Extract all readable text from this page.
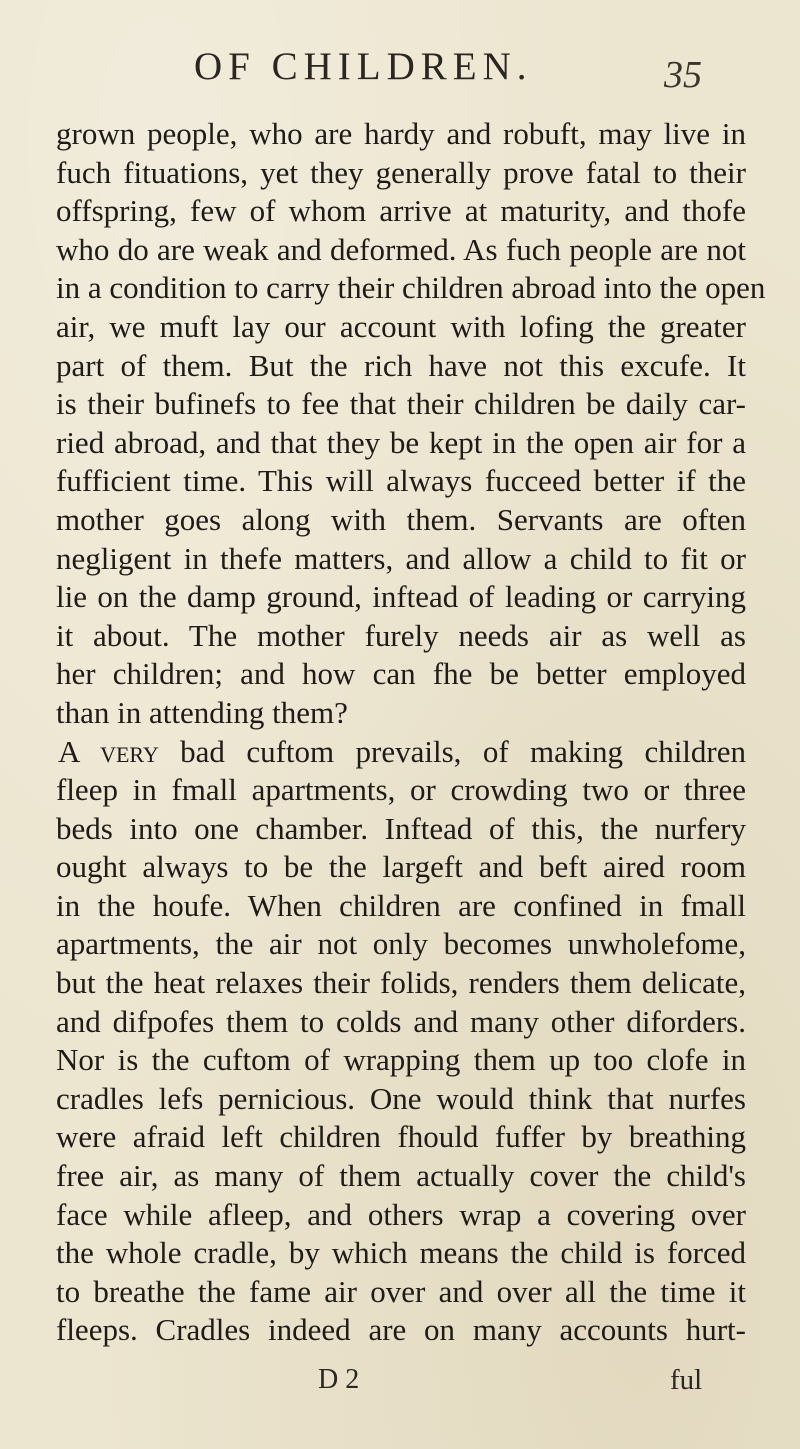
OF CHILDREN.	35
grown people, who are hardy and robuft, may live in
fuch fituations, yet they generally prove fatal to their
offspring, few of whom arrive at maturity, and thofe
who do are weak and deformed. As fuch people are not
in a condition to carry their children abroad into the open
air, we muft lay our account with lofing the greater
part of them. But the rich have not this excufe. It
is their bufinefs to fee that their children be daily car-
ried abroad, and that they be kept in the open air for a
fufficient time. This will always fucceed better if the
mother goes along with them. Servants are often
negligent in thefe matters, and allow a child to fit or
lie on the damp ground, inftead of leading or carrying
it about. The mother furely needs air as well as
her children; and how can fhe be better employed
than in attending them?
A very bad cuftom prevails, of making children
fleep in fmall apartments, or crowding two or three
beds into one chamber. Inftead of this, the nurfery
ought always to be the largeft and beft aired room
in the houfe. When children are confined in fmall
apartments, the air not only becomes unwholefome,
but the heat relaxes their folids, renders them delicate,
and difpofes them to colds and many other diforders.
Nor is the cuftom of wrapping them up too clofe in
cradles lefs pernicious. One would think that nurfes
were afraid left children fhould fuffer by breathing
free air, as many of them actually cover the child's
face while afleep, and others wrap a covering over
the whole cradle, by which means the child is forced
to breathe the fame air over and over all the time it
fleeps. Cradles indeed are on many accounts hurt-
D 2	ful
